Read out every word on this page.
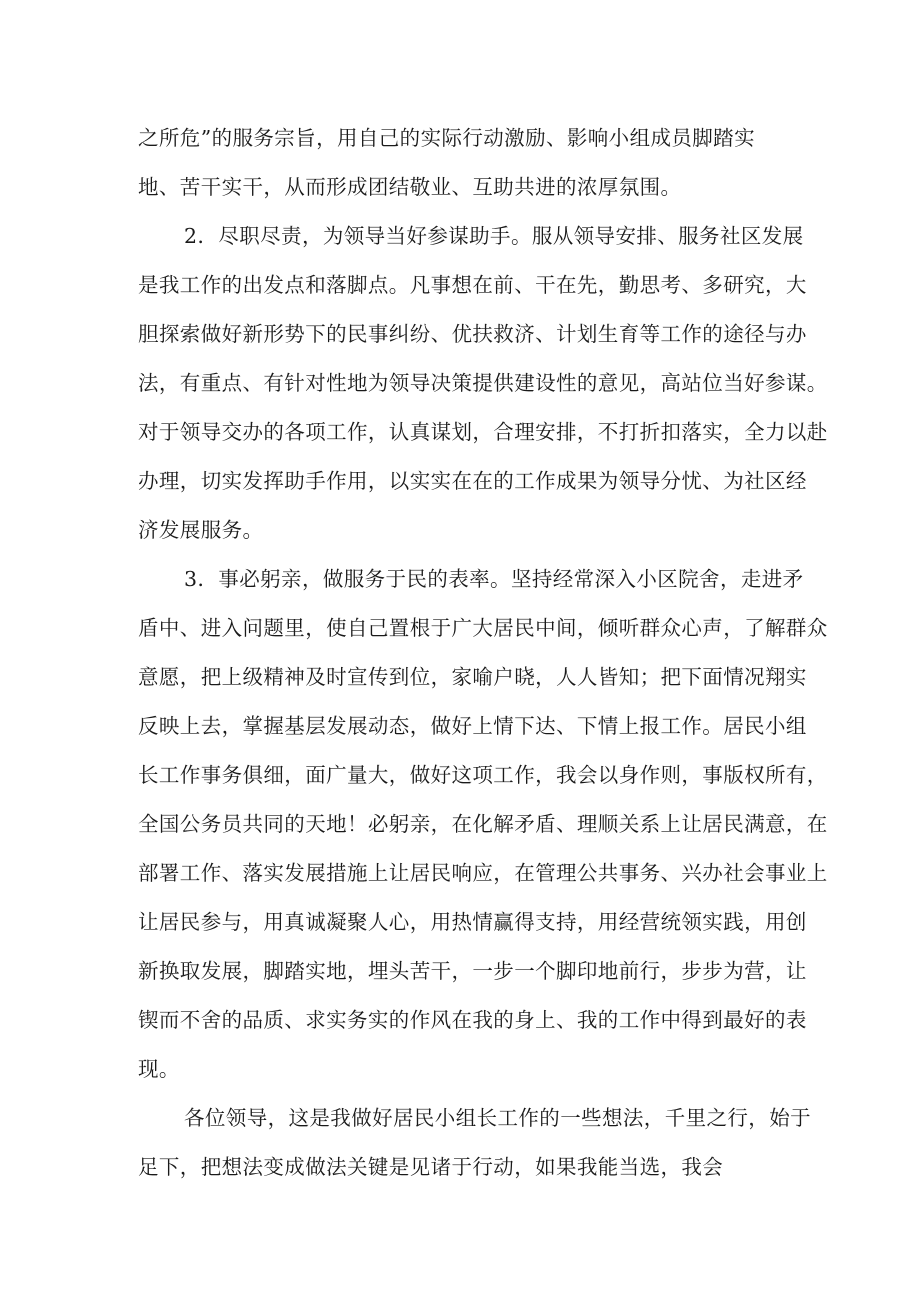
之所危”的服务宗旨，用自己的实际行动激励、影响小组成员脚踏实
地、苦干实干，从而形成团结敬业、互助共进的浓厚氛围。
2．尽职尽责，为领导当好参谋助手。服从领导安排、服务社区发展
是我工作的出发点和落脚点。凡事想在前、干在先，勤思考、多研究，大
胆探索做好新形势下的民事纠纷、优扶救济、计划生育等工作的途径与办
法，有重点、有针对性地为领导决策提供建设性的意见，高站位当好参谋。
对于领导交办的各项工作，认真谋划，合理安排，不打折扣落实，全力以赴
办理，切实发挥助手作用，以实实在在的工作成果为领导分忧、为社区经
济发展服务。
3．事必躬亲，做服务于民的表率。坚持经常深入小区院舍，走进矛
盾中、进入问题里，使自己置根于广大居民中间，倾听群众心声，了解群众
意愿，把上级精神及时宣传到位，家喻户晓，人人皆知；把下面情况翔实
反映上去，掌握基层发展动态，做好上情下达、下情上报工作。居民小组
长工作事务俱细，面广量大，做好这项工作，我会以身作则，事版权所有，
全国公务员共同的天地！必躬亲，在化解矛盾、理顺关系上让居民满意，在
部署工作、落实发展措施上让居民响应，在管理公共事务、兴办社会事业上
让居民参与，用真诚凝聚人心，用热情赢得支持，用经营统领实践，用创
新换取发展，脚踏实地，埋头苦干，一步一个脚印地前行，步步为营，让
锲而不舍的品质、求实务实的作风在我的身上、我的工作中得到最好的表
现。
各位领导，这是我做好居民小组长工作的一些想法，千里之行，始于
足下，把想法变成做法关键是见诸于行动，如果我能当选，我会
